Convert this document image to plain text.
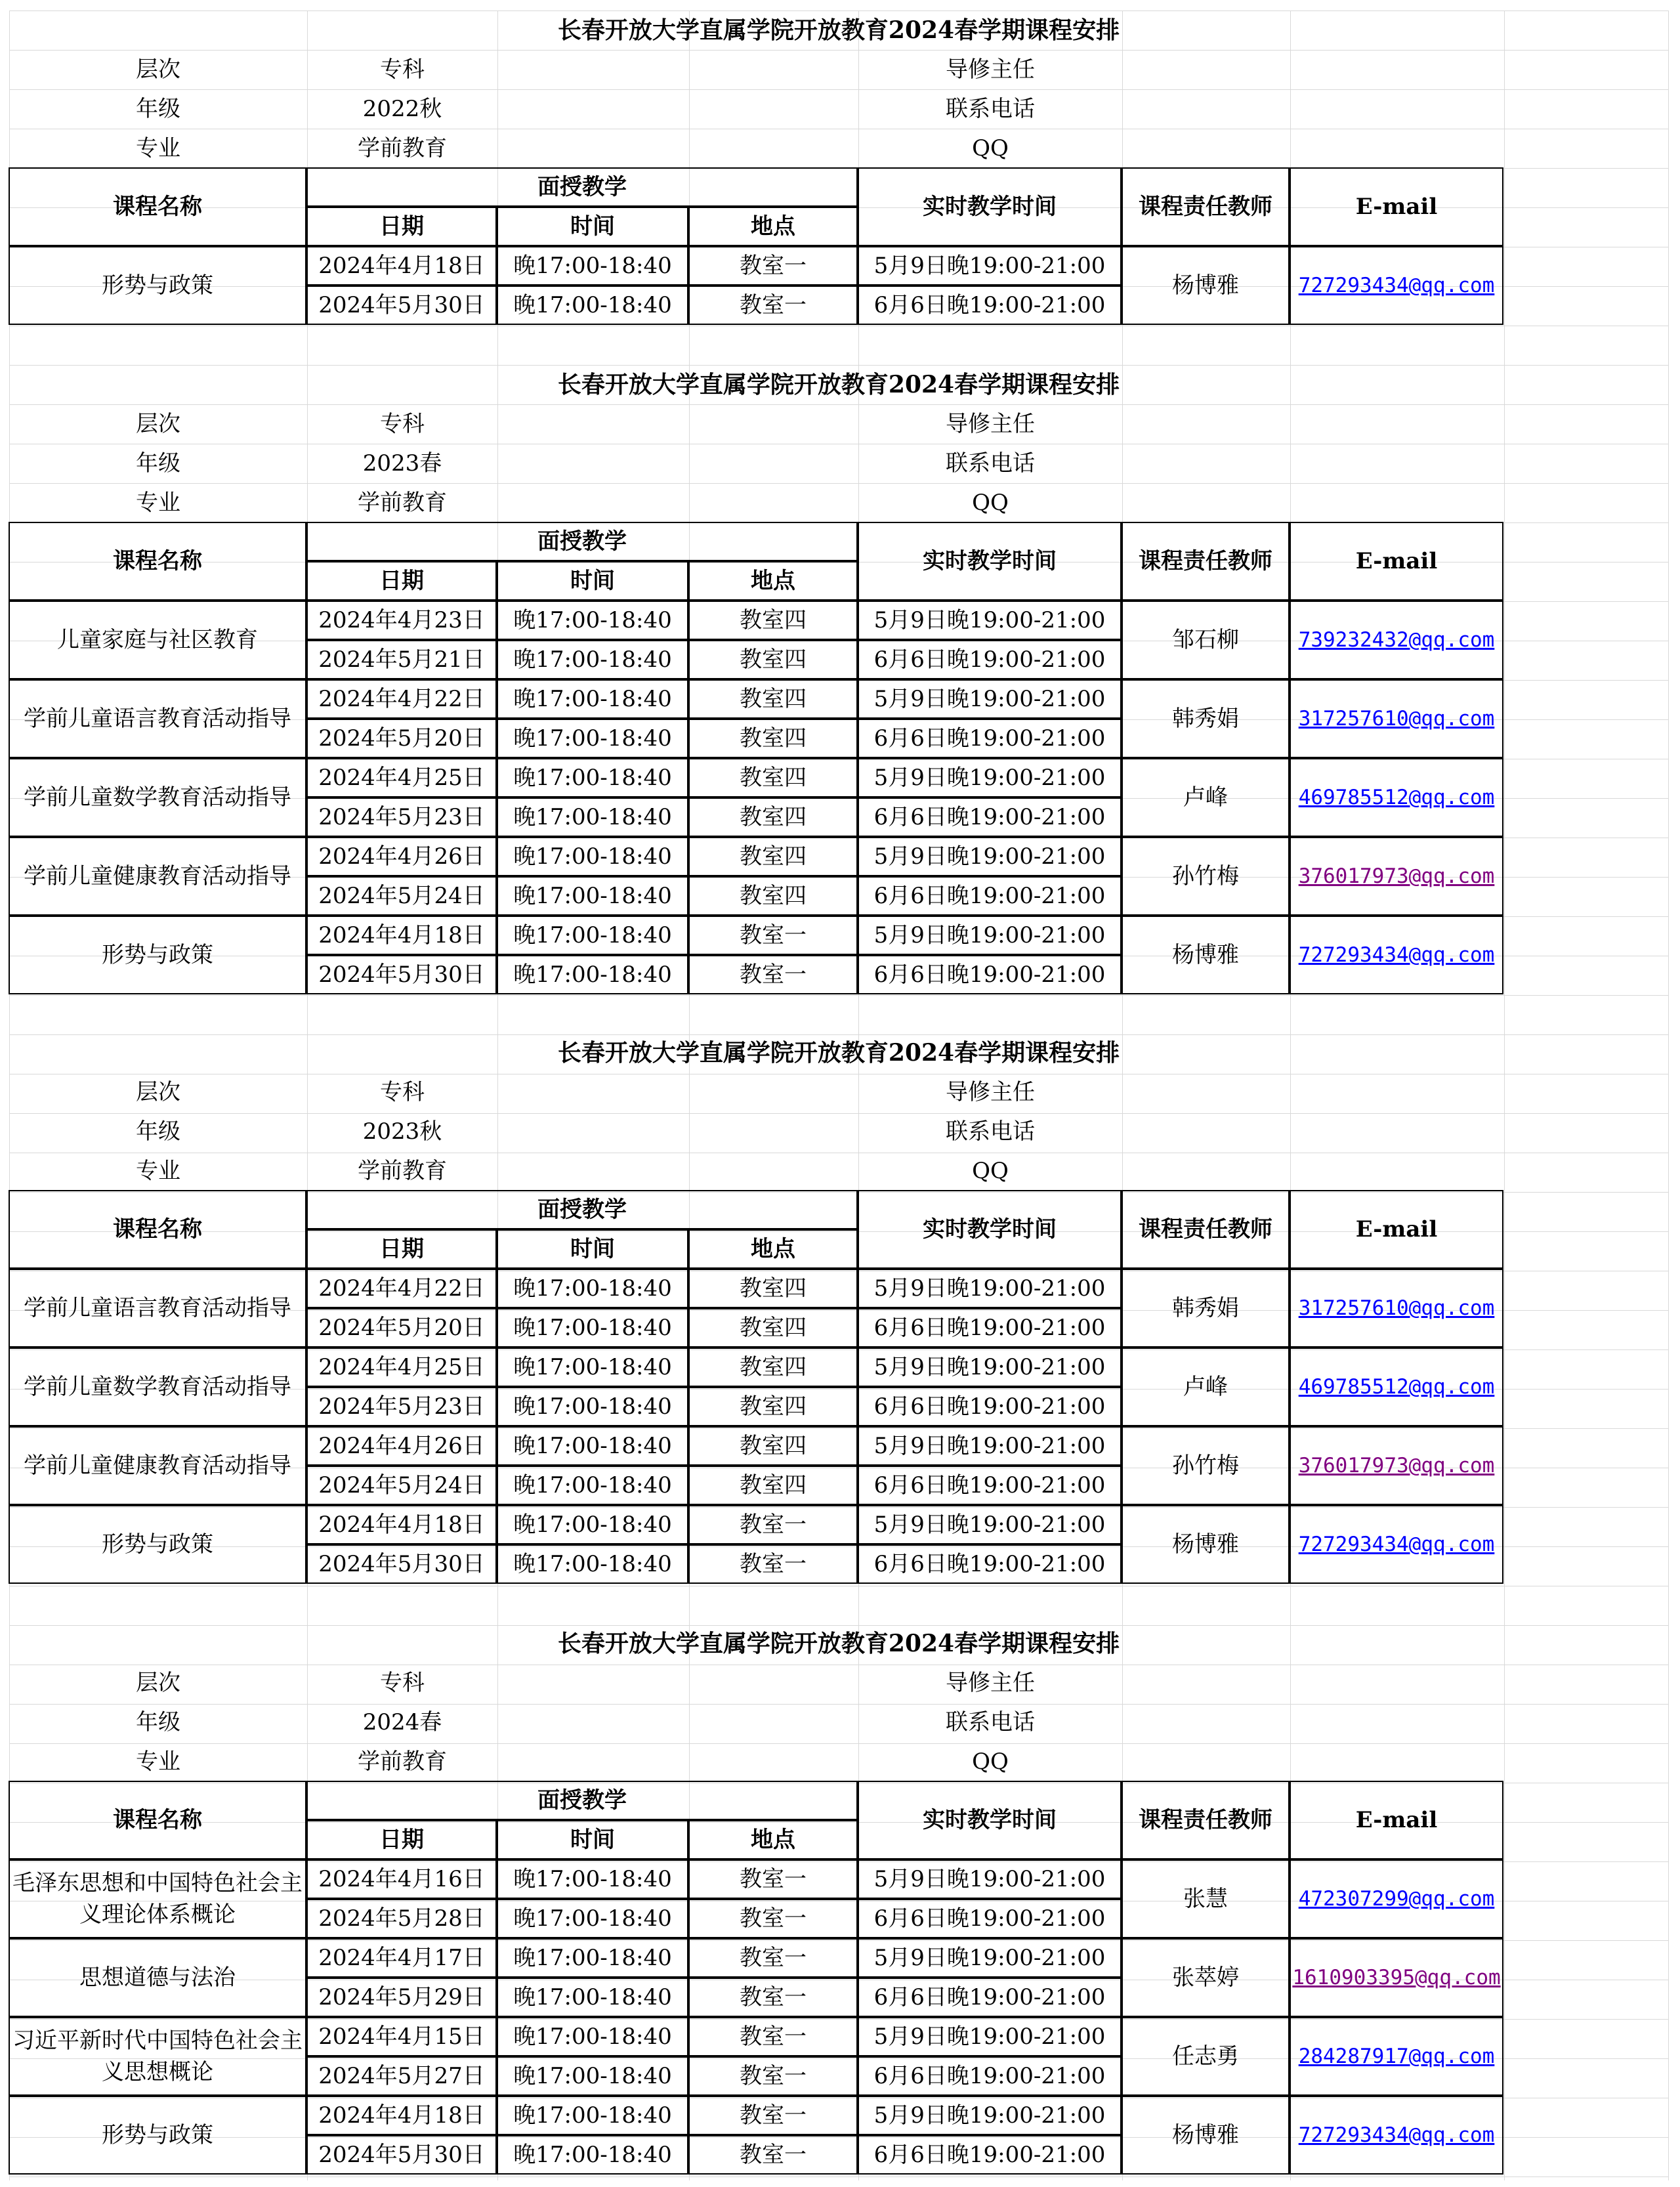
长春开放大学直属学院开放教育2024春学期课程安排
层次	专科	导修主任
年级	2022秋	联系电话
专业	学前教育	QQ
课程名称
面授教学
日期	时间	地点
实时教学时间	课程责任教师	E-mail
形势与政策
2024年4月18日	晚17:00-18:40	教室一	5月9日晚19:00-21:00
2024年5月30日	晚17:00-18:40	教室一	6月6日晚19:00-21:00
杨博雅	727293434@qq.com
长春开放大学直属学院开放教育2024春学期课程安排
层次	专科	导修主任
年级	2023春	联系电话
专业	学前教育	QQ
课程名称
面授教学
日期	时间	地点
实时教学时间	课程责任教师	E-mail
儿童家庭与社区教育
2024年4月23日	晚17:00-18:40	教室四	5月9日晚19:00-21:00
2024年5月21日	晚17:00-18:40	教室四	6月6日晚19:00-21:00
邹石柳	739232432@qq.com
学前儿童语言教育活动指导
2024年4月22日	晚17:00-18:40	教室四	5月9日晚19:00-21:00
2024年5月20日	晚17:00-18:40	教室四	6月6日晚19:00-21:00
韩秀娟	317257610@qq.com
学前儿童数学教育活动指导
2024年4月25日	晚17:00-18:40	教室四	5月9日晚19:00-21:00
2024年5月23日	晚17:00-18:40	教室四	6月6日晚19:00-21:00
卢峰	469785512@qq.com
学前儿童健康教育活动指导
2024年4月26日	晚17:00-18:40	教室四	5月9日晚19:00-21:00
2024年5月24日	晚17:00-18:40	教室四	6月6日晚19:00-21:00
孙竹梅	376017973@qq.com
形势与政策
2024年4月18日	晚17:00-18:40	教室一	5月9日晚19:00-21:00
2024年5月30日	晚17:00-18:40	教室一	6月6日晚19:00-21:00
杨博雅	727293434@qq.com
长春开放大学直属学院开放教育2024春学期课程安排
层次	专科	导修主任
年级	2023秋	联系电话
专业	学前教育	QQ
课程名称
面授教学
日期	时间	地点
实时教学时间	课程责任教师	E-mail
学前儿童语言教育活动指导
2024年4月22日	晚17:00-18:40	教室四	5月9日晚19:00-21:00
2024年5月20日	晚17:00-18:40	教室四	6月6日晚19:00-21:00
韩秀娟	317257610@qq.com
学前儿童数学教育活动指导
2024年4月25日	晚17:00-18:40	教室四	5月9日晚19:00-21:00
2024年5月23日	晚17:00-18:40	教室四	6月6日晚19:00-21:00
卢峰	469785512@qq.com
学前儿童健康教育活动指导
2024年4月26日	晚17:00-18:40	教室四	5月9日晚19:00-21:00
2024年5月24日	晚17:00-18:40	教室四	6月6日晚19:00-21:00
孙竹梅	376017973@qq.com
形势与政策
2024年4月18日	晚17:00-18:40	教室一	5月9日晚19:00-21:00
2024年5月30日	晚17:00-18:40	教室一	6月6日晚19:00-21:00
杨博雅	727293434@qq.com
长春开放大学直属学院开放教育2024春学期课程安排
层次	专科	导修主任
年级	2024春	联系电话
专业	学前教育	QQ
课程名称
面授教学
日期	时间	地点
实时教学时间	课程责任教师	E-mail
毛泽东思想和中国特色社会主义理论体系概论
2024年4月16日	晚17:00-18:40	教室一	5月9日晚19:00-21:00
2024年5月28日	晚17:00-18:40	教室一	6月6日晚19:00-21:00
张慧	472307299@qq.com
思想道德与法治
2024年4月17日	晚17:00-18:40	教室一	5月9日晚19:00-21:00
2024年5月29日	晚17:00-18:40	教室一	6月6日晚19:00-21:00
张萃婷	1610903395@qq.com
习近平新时代中国特色社会主义思想概论
2024年4月15日	晚17:00-18:40	教室一	5月9日晚19:00-21:00
2024年5月27日	晚17:00-18:40	教室一	6月6日晚19:00-21:00
任志勇	284287917@qq.com
形势与政策
2024年4月18日	晚17:00-18:40	教室一	5月9日晚19:00-21:00
2024年5月30日	晚17:00-18:40	教室一	6月6日晚19:00-21:00
杨博雅	727293434@qq.com
